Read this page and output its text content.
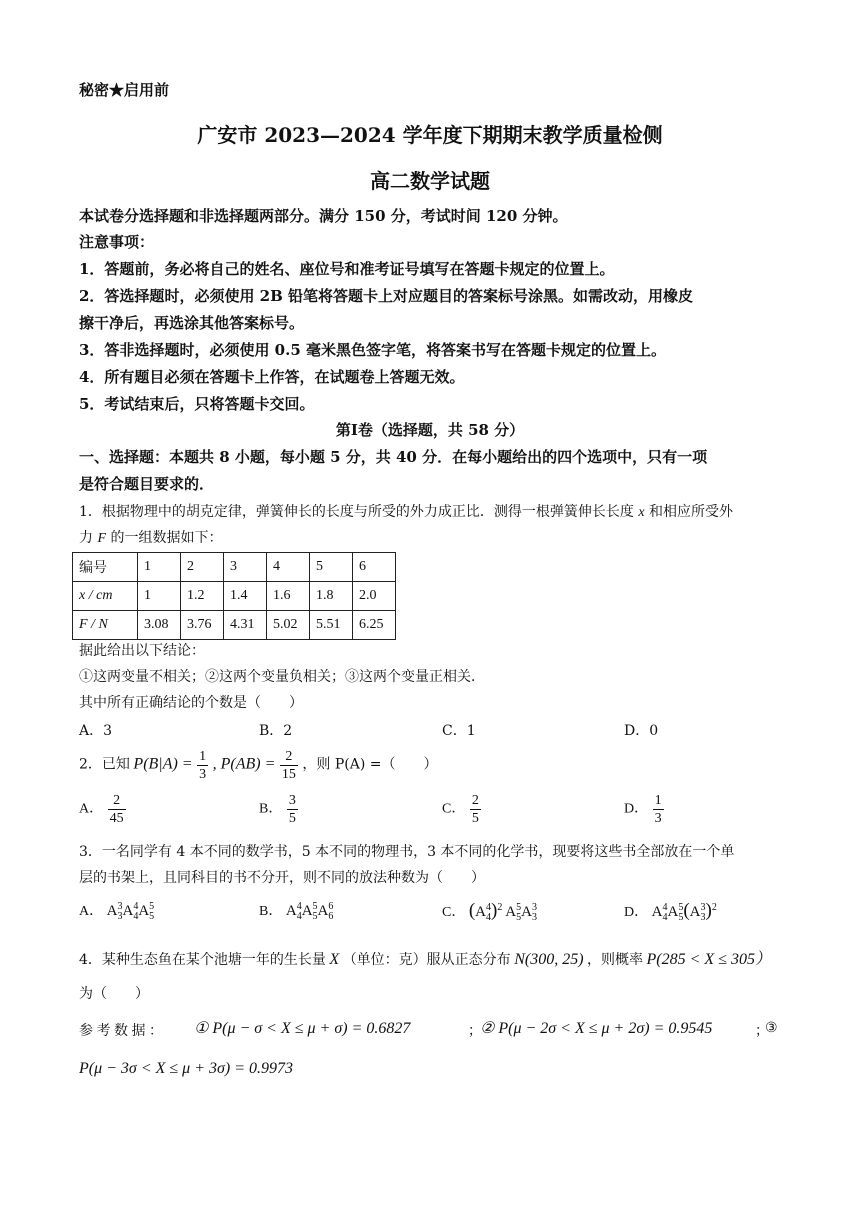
秘密★启用前
广安市 2023—2024 学年度下期期末教学质量检侧
高二数学试题
本试卷分选择题和非选择题两部分。满分 150 分，考试时间 120 分钟。
注意事项：
1．答题前，务必将自己的姓名、座位号和准考证号填写在答题卡规定的位置上。
2．答选择题时，必须使用 2B 铅笔将答题卡上对应题目的答案标号涂黑。如需改动，用橡皮
擦干净后，再选涂其他答案标号。
3．答非选择题时，必须使用 0.5 毫米黑色签字笔，将答案书写在答题卡规定的位置上。
4．所有题目必须在答题卡上作答，在试题卷上答题无效。
5．考试结束后，只将答题卡交回。
第Ⅰ卷（选择题，共 58 分）
一、选择题：本题共 8 小题，每小题 5 分，共 40 分．在每小题给出的四个选项中，只有一项
是符合题目要求的．
1．根据物理中的胡克定律，弹簧伸长的长度与所受的外力成正比．测得一根弹簧伸长长度 x 和相应所受外
力 F 的一组数据如下：
编号	1	2	3	4	5	6
x / cm	1	1.2	1.4	1.6	1.8	2.0
F / N	3.08	3.76	4.31	5.02	5.51	6.25
据此给出以下结论：
①这两变量不相关；②这两个变量负相关；③这两个变量正相关．
其中所有正确结论的个数是（　　）
A．3	B．2	C．1	D．0
2．已知 $P(B|A) = \frac{1}{3}$ , $P(AB) = \frac{2}{15}$ ，则 P(A) =（　　）
A． $\frac{2}{45}$	B． $\frac{3}{5}$	C． $\frac{2}{5}$	D． $\frac{1}{3}$
3．一名同学有 4 本不同的数学书，5 本不同的物理书，3 本不同的化学书，现要将这些书全部放在一个单
层的书架上，且同科目的书不分开，则不同的放法种数为（　　）
A． $A^3_3A^4_4A^5_5$	B． $A^4_4A^5_5A^6_6$	C． $(A^4_4)^2$ $A^5_5A^3_3$	D． $A^4_4A^5_5(A^3_3)^2$
4．某种生态鱼在某个池塘一年的生长量 X （单位：克）服从正态分布 N(300, 25) ，则概率 P(285 < X ≤ 305）
为（　　）
参 考 数 据 ： ① P(μ − σ < X ≤ μ + σ) = 0.6827	；
② P(μ − 2σ < X ≤ μ + 2σ) = 0.9545	；
③
P(μ − 3σ < X ≤ μ + 3σ) = 0.9973
